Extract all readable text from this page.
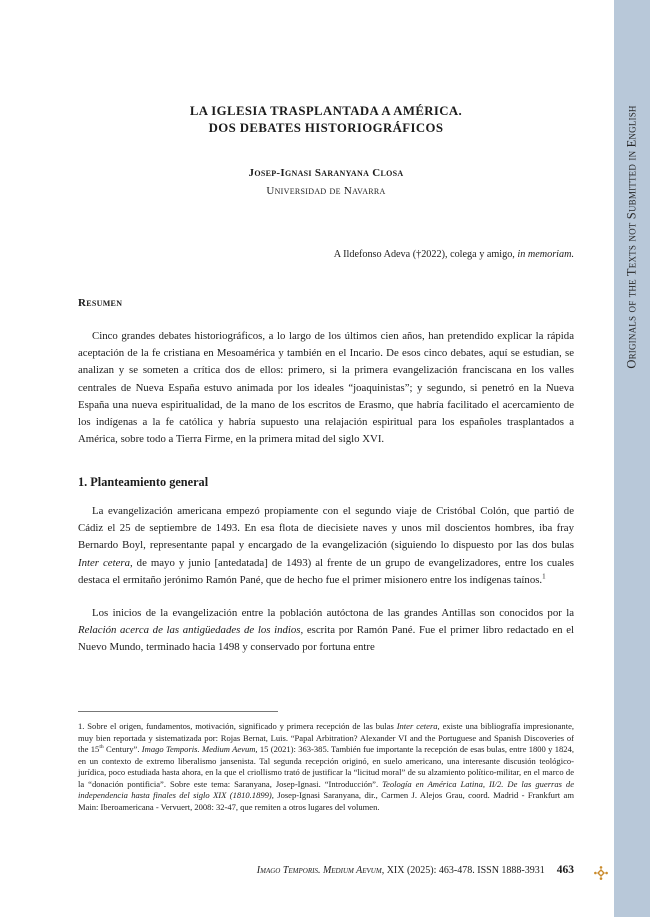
Originals of the Texts not Submitted in English
LA IGLESIA TRASPLANTADA A AMÉRICA.
DOS DEBATES HISTORIOGRÁFICOS
Josep-Ignasi Saranyana Closa
Universidad de Navarra
A Ildefonso Adeva (†2022), colega y amigo, in memoriam.
Resumen

Cinco grandes debates historiográficos, a lo largo de los últimos cien años, han pretendido explicar la rápida aceptación de la fe cristiana en Mesoamérica y también en el Incario. De esos cinco debates, aquí se estudian, se analizan y se someten a crítica dos de ellos: primero, si la primera evangelización franciscana en los valles centrales de Nueva España estuvo animada por los ideales “joaquinistas”; y segundo, si penetró en la Nueva España una nueva espiritualidad, de la mano de los escritos de Erasmo, que habría facilitado el acercamiento de los indígenas a la fe católica y habría supuesto una relajación espiritual para los españoles trasplantados a América, sobre todo a Tierra Firme, en la primera mitad del siglo XVI.

1. Planteamiento general

La evangelización americana empezó propiamente con el segundo viaje de Cristóbal Colón, que partió de Cádiz el 25 de septiembre de 1493. En esa flota de diecisiete naves y unos mil doscientos hombres, iba fray Bernardo Boyl, representante papal y encargado de la evangelización (siguiendo lo dispuesto por las dos bulas Inter cetera, de mayo y junio [antedatada] de 1493) al frente de un grupo de evangelizadores, entre los cuales destaca el ermitaño jerónimo Ramón Pané, que de hecho fue el primer misionero entre los indígenas taínos.$^1$

Los inicios de la evangelización entre la población autóctona de las grandes Antillas son conocidos por la Relación acerca de las antigüedades de los indios, escrita por Ramón Pané. Fue el primer libro redactado en el Nuevo Mundo, terminado hacia 1498 y conservado por fortuna entre

1. Sobre el origen, fundamentos, motivación, significado y primera recepción de las bulas Inter cetera, existe una bibliografía impresionante, muy bien reportada y sistematizada por: Rojas Bernat, Luis. “Papal Arbitration? Alexander VI and the Portuguese and Spanish Discoveries of the 15th Century”. Imago Temporis. Medium Aevum, 15 (2021): 363-385. También fue importante la recepción de esas bulas, entre 1800 y 1824, en un contexto de extremo liberalismo jansenista. Tal segunda recepción originó, en suelo americano, una interesante discusión teológico-jurídica, poco estudiada hasta ahora, en la que el criollismo trató de justificar la “licitud moral” de su alzamiento político-militar, en el marco de la “donación pontificia”. Sobre este tema: Saranyana, Josep-Ignasi. “Introducción”. Teología en América Latina, II/2. De las guerras de independencia hasta finales del siglo XIX (1810.1899), Josep-Ignasi Saranyana, dir., Carmen J. Alejos Grau, coord. Madrid - Frankfurt am Main: Iberoamericana - Vervuert, 2008: 32-47, que remiten a otros lugares del volumen.

Imago Temporis. Medium Aevum, XIX (2025): 463-478. ISSN 1888-3931 463
